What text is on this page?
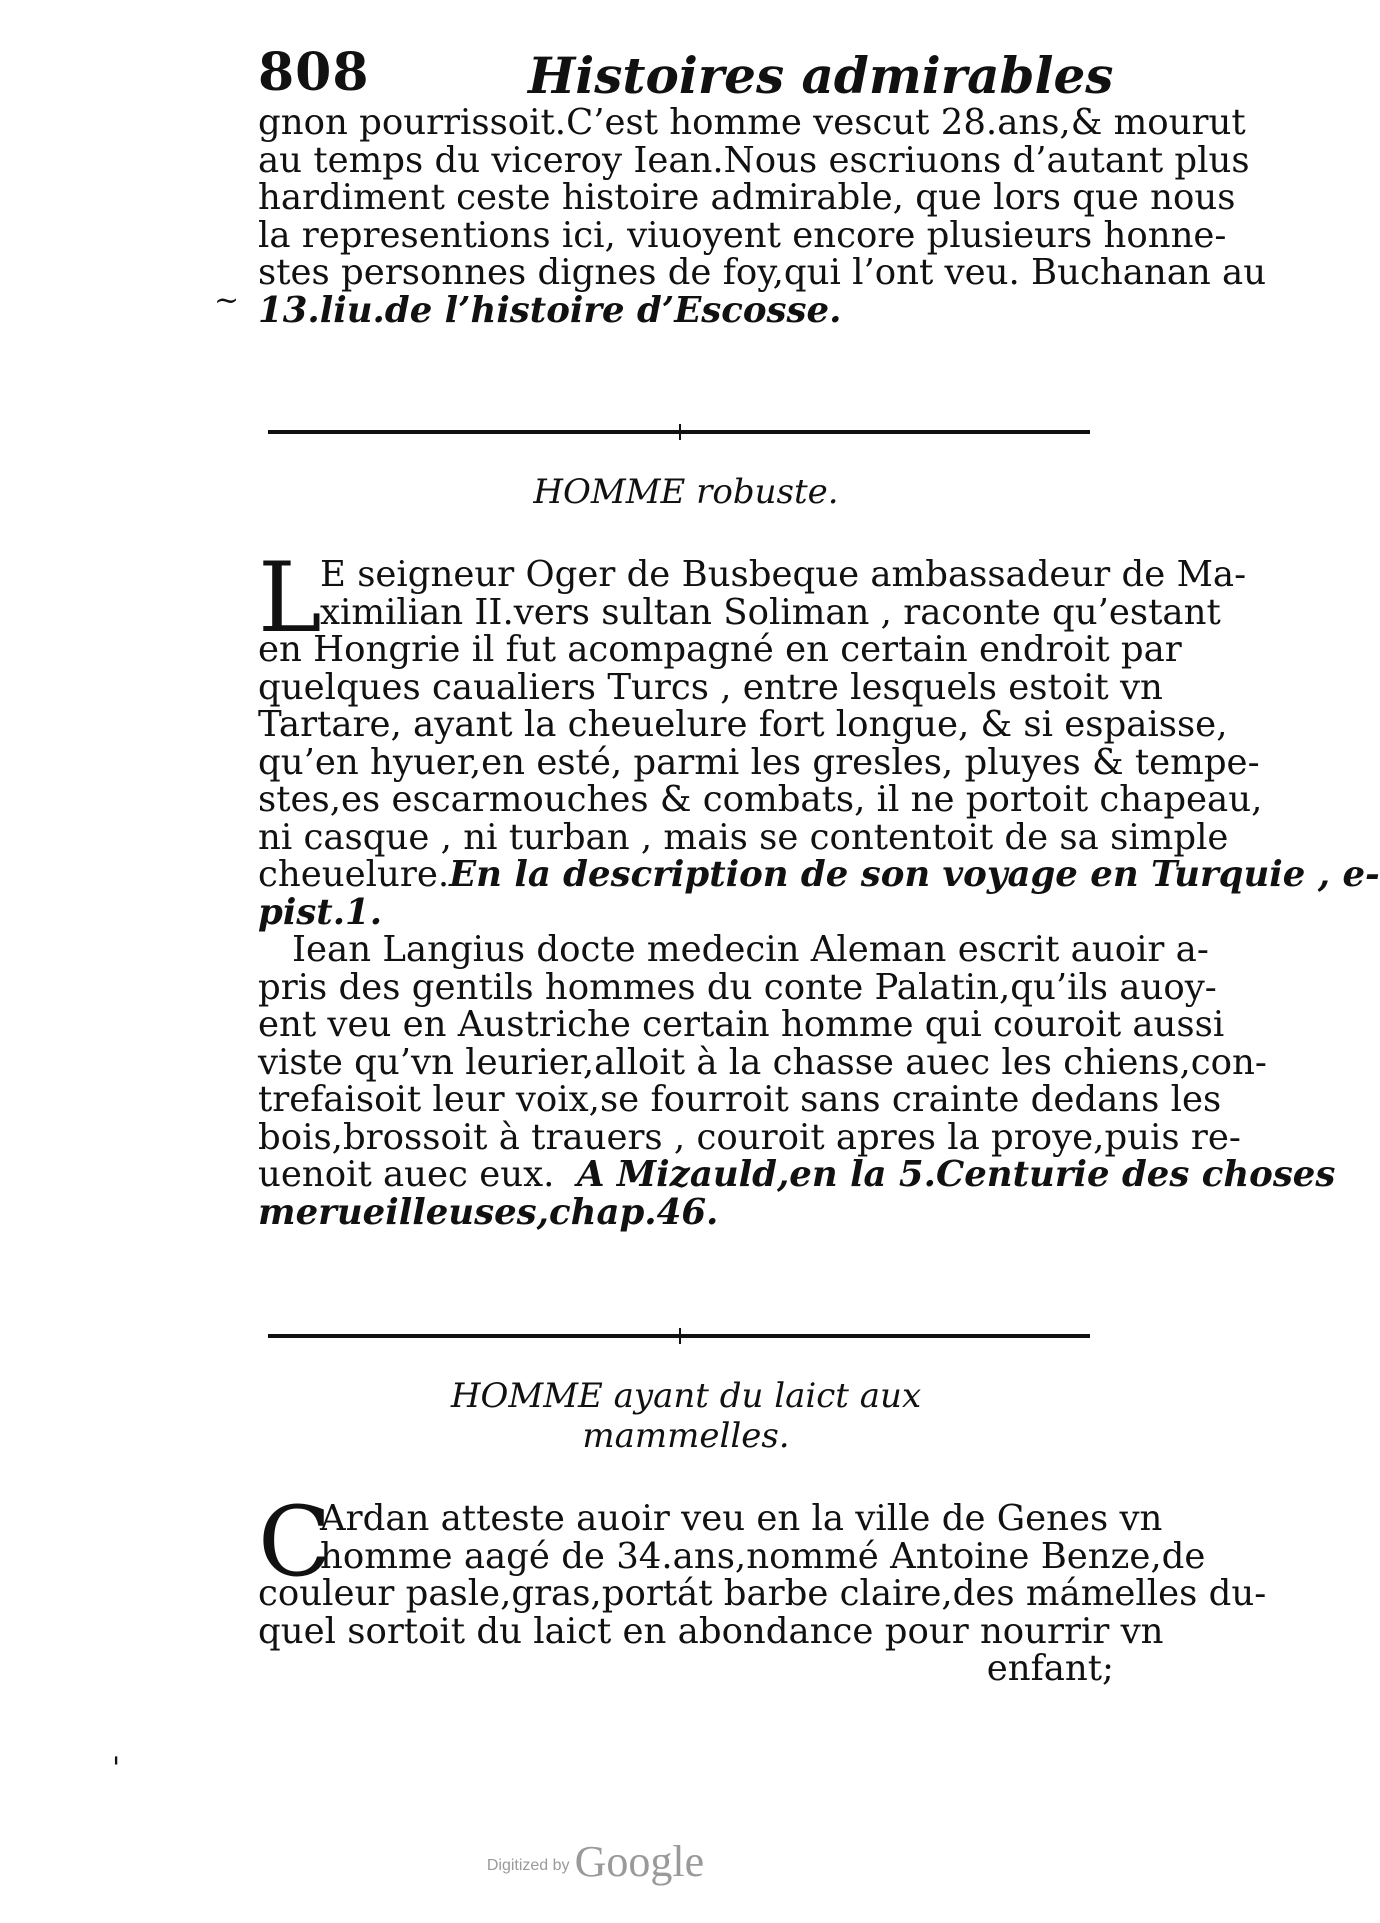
808	Histoires admirables
gnon pourrissoit.C’est homme vescut 28.ans,& mourut
au temps du viceroy Iean.Nous escriuons d’autant plus
hardiment ceste histoire admirable, que lors que nous
la representions ici, viuoyent encore plusieurs honne-
stes personnes dignes de foy,qui l’ont veu. Buchanan au
13.liu.de l’histoire d’Escosse.
~
HOMME robuste.
L
E seigneur Oger de Busbeque ambassadeur de Ma-
ximilian II.vers sultan Soliman , raconte qu’estant
en Hongrie il fut acompagné en certain endroit par
quelques caualiers Turcs , entre lesquels estoit vn
Tartare, ayant la cheuelure fort longue, & si espaisse,
qu’en hyuer,en esté, parmi les gresles, pluyes & tempe-
stes,es escarmouches & combats, il ne portoit chapeau,
ni casque , ni turban , mais se contentoit de sa simple
cheuelure.En la description de son voyage en Turquie , e-
pist.1.
Iean Langius docte medecin Aleman escrit auoir a-
pris des gentils hommes du conte Palatin,qu’ils auoy-
ent veu en Austriche certain homme qui couroit aussi
viste qu’vn leurier,alloit à la chasse auec les chiens,con-
trefaisoit leur voix,se fourroit sans crainte dedans les
bois,brossoit à trauers , couroit apres la proye,puis re-
uenoit auec eux. A Mizauld,en la 5.Centurie des choses
merueilleuses,chap.46.
HOMME ayant du laict aux
mammelles.
C
Ardan atteste auoir veu en la ville de Genes vn
homme aagé de 34.ans,nommé Antoine Benze,de
couleur pasle,gras,portát barbe claire,des mámelles du-
quel sortoit du laict en abondance pour nourrir vn
enfant;
'
Digitized by Google
